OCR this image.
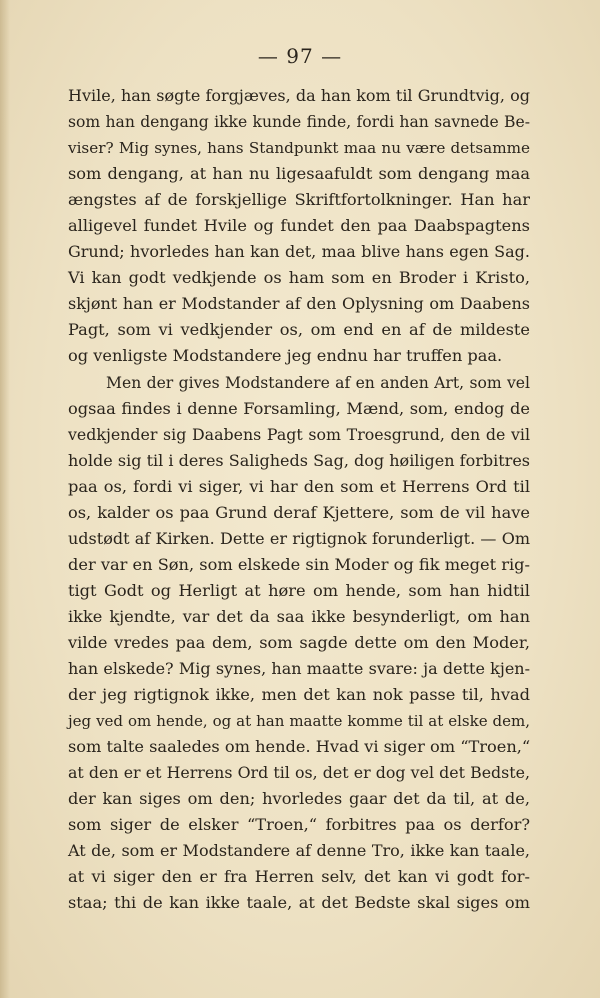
— 97 —
Hvile, han søgte forgjæves, da han kom til Grundtvig, og
som han dengang ikke kunde finde, fordi han savnede Be-
viser? Mig synes, hans Standpunkt maa nu være detsamme
som dengang, at han nu ligesaafuldt som dengang maa
ængstes af de forskjellige Skriftfortolkninger. Han har
alligevel fundet Hvile og fundet den paa Daabspagtens
Grund; hvorledes han kan det, maa blive hans egen Sag.
Vi kan godt vedkjende os ham som en Broder i Kristo,
skjønt han er Modstander af den Oplysning om Daabens
Pagt, som vi vedkjender os, om end en af de mildeste
og venligste Modstandere jeg endnu har truffen paa.
Men der gives Modstandere af en anden Art, som vel
ogsaa findes i denne Forsamling, Mænd, som, endog de
vedkjender sig Daabens Pagt som Troesgrund, den de vil
holde sig til i deres Saligheds Sag, dog høiligen forbitres
paa os, fordi vi siger, vi har den som et Herrens Ord til
os, kalder os paa Grund deraf Kjettere, som de vil have
udstødt af Kirken. Dette er rigtignok forunderligt. — Om
der var en Søn, som elskede sin Moder og fik meget rig-
tigt Godt og Herligt at høre om hende, som han hidtil
ikke kjendte, var det da saa ikke besynderligt, om han
vilde vredes paa dem, som sagde dette om den Moder,
han elskede? Mig synes, han maatte svare: ja dette kjen-
der jeg rigtignok ikke, men det kan nok passe til, hvad
jeg ved om hende, og at han maatte komme til at elske dem,
som talte saaledes om hende. Hvad vi siger om “Troen,“
at den er et Herrens Ord til os, det er dog vel det Bedste,
der kan siges om den; hvorledes gaar det da til, at de,
som siger de elsker “Troen,“ forbitres paa os derfor?
At de, som er Modstandere af denne Tro, ikke kan taale,
at vi siger den er fra Herren selv, det kan vi godt for-
staa; thi de kan ikke taale, at det Bedste skal siges om
